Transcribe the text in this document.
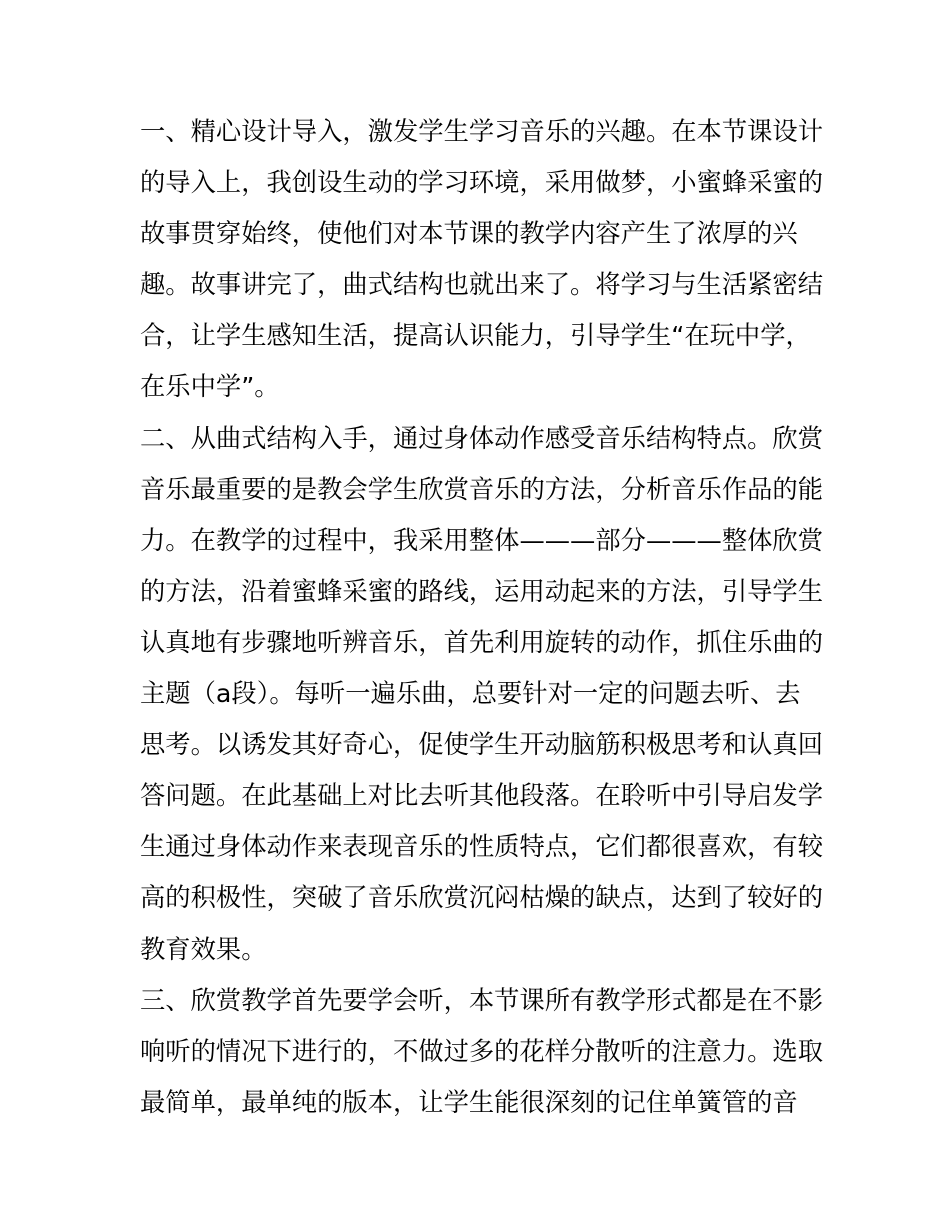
一、精心设计导入，激发学生学习音乐的兴趣。在本节课设计
的导入上，我创设生动的学习环境，采用做梦，小蜜蜂采蜜的
故事贯穿始终，使他们对本节课的教学内容产生了浓厚的兴
趣。故事讲完了，曲式结构也就出来了。将学习与生活紧密结
合，让学生感知生活，提高认识能力，引导学生“在玩中学，
在乐中学”。
二、从曲式结构入手，通过身体动作感受音乐结构特点。欣赏
音乐最重要的是教会学生欣赏音乐的方法，分析音乐作品的能
力。在教学的过程中，我采用整体———部分———整体欣赏
的方法，沿着蜜蜂采蜜的路线，运用动起来的方法，引导学生
认真地有步骤地听辨音乐，首先利用旋转的动作，抓住乐曲的
主题（a段）。每听一遍乐曲，总要针对一定的问题去听、去
思考。以诱发其好奇心，促使学生开动脑筋积极思考和认真回
答问题。在此基础上对比去听其他段落。在聆听中引导启发学
生通过身体动作来表现音乐的性质特点，它们都很喜欢，有较
高的积极性，突破了音乐欣赏沉闷枯燥的缺点，达到了较好的
教育效果。
三、欣赏教学首先要学会听，本节课所有教学形式都是在不影
响听的情况下进行的，不做过多的花样分散听的注意力。选取
最简单，最单纯的版本，让学生能很深刻的记住单簧管的音
